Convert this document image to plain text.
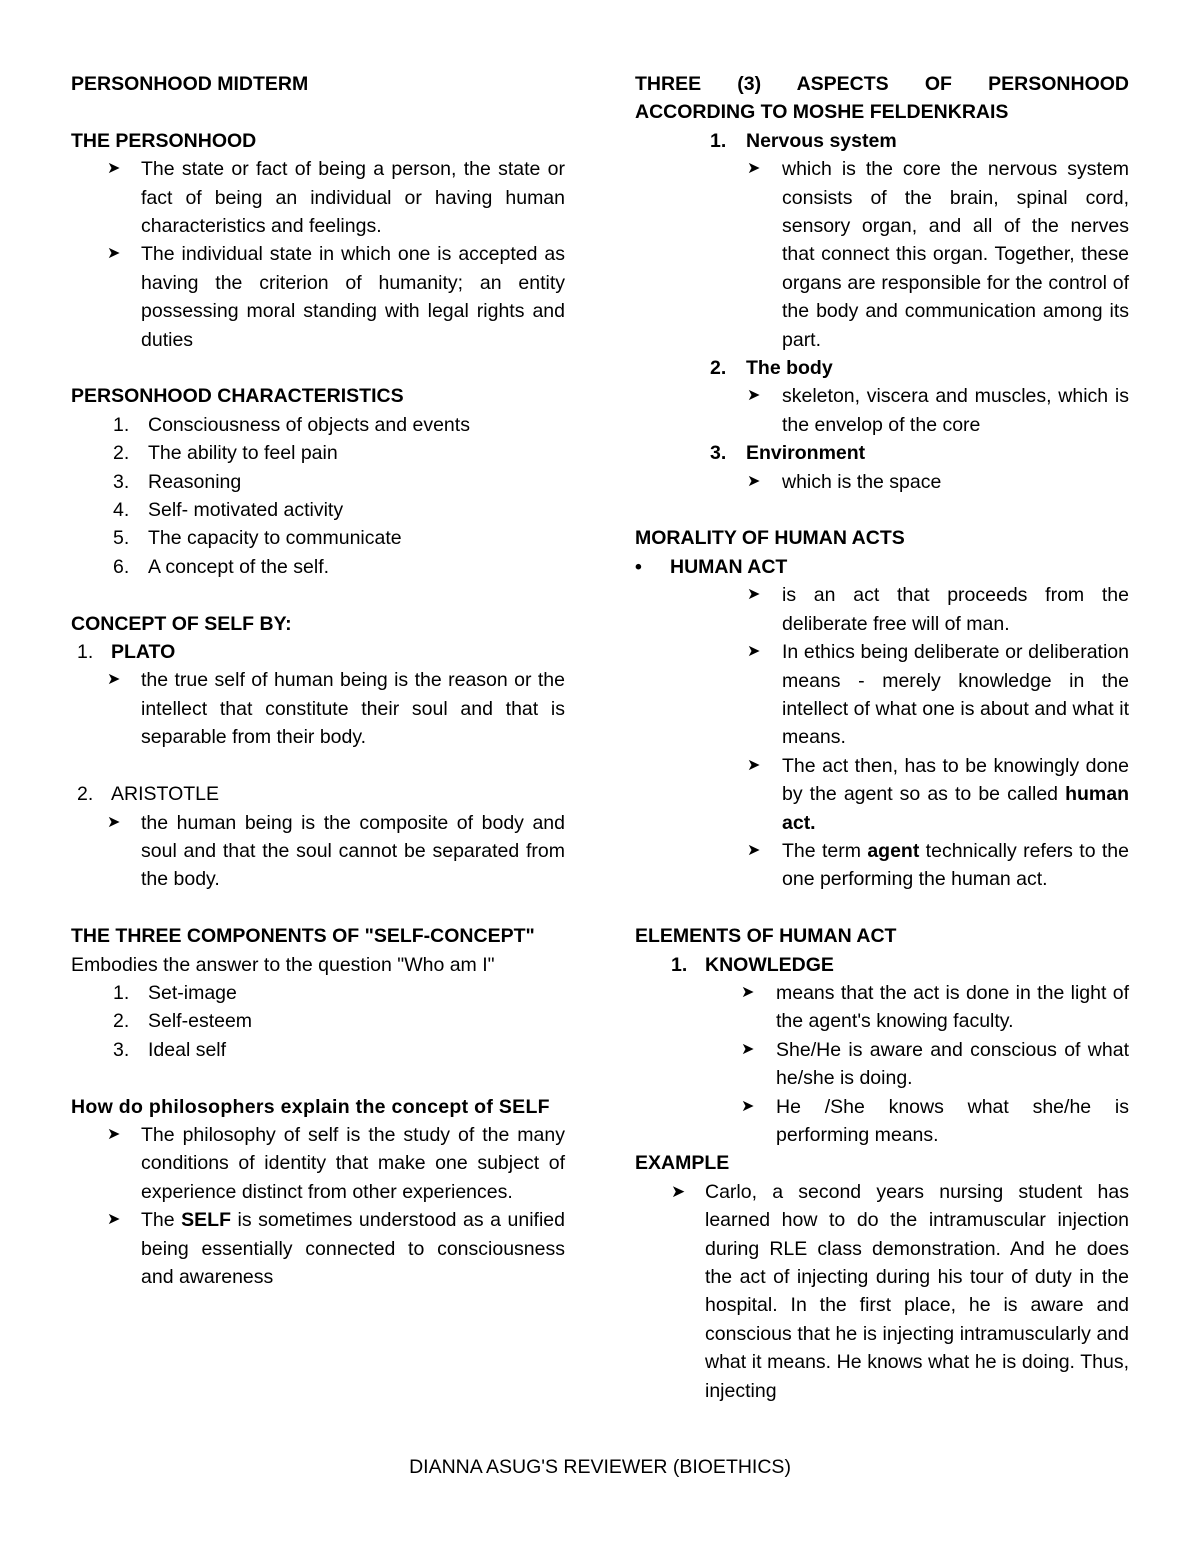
PERSONHOOD MIDTERM
THE PERSONHOOD
➤ The state or fact of being a person, the state or fact of being an individual or having human characteristics and feelings.
➤ The individual state in which one is accepted as having the criterion of humanity; an entity possessing moral standing with legal rights and duties
PERSONHOOD CHARACTERISTICS
1. Consciousness of objects and events
2. The ability to feel pain
3. Reasoning
4. Self- motivated activity
5. The capacity to communicate
6. A concept of the self.
CONCEPT OF SELF BY:
1. PLATO
➤ the true self of human being is the reason or the intellect that constitute their soul and that is separable from their body.
2. ARISTOTLE
➤ the human being is the composite of body and soul and that the soul cannot be separated from the body.
THE THREE COMPONENTS OF "SELF-CONCEPT"
Embodies the answer to the question "Who am I"
1. Set-image
2. Self-esteem
3. Ideal self
How do philosophers explain the concept of SELF
➤ The philosophy of self is the study of the many conditions of identity that make one subject of experience distinct from other experiences.
➤ The SELF is sometimes understood as a unified being essentially connected to consciousness and awareness
THREE (3) ASPECTS OF PERSONHOOD ACCORDING TO MOSHE FELDENKRAIS
1. Nervous system
➤ which is the core the nervous system consists of the brain, spinal cord, sensory organ, and all of the nerves that connect this organ. Together, these organs are responsible for the control of the body and communication among its part.
2. The body
➤ skeleton, viscera and muscles, which is the envelop of the core
3. Environment
➤ which is the space
MORALITY OF HUMAN ACTS
• HUMAN ACT
➤ is an act that proceeds from the deliberate free will of man.
➤ In ethics being deliberate or deliberation means - merely knowledge in the intellect of what one is about and what it means.
➤ The act then, has to be knowingly done by the agent so as to be called human act.
➤ The term agent technically refers to the one performing the human act.
ELEMENTS OF HUMAN ACT
1. KNOWLEDGE
➤ means that the act is done in the light of the agent's knowing faculty.
➤ She/He is aware and conscious of what he/she is doing.
➤ He /She knows what she/he is performing means.
EXAMPLE
➤ Carlo, a second years nursing student has learned how to do the intramuscular injection during RLE class demonstration. And he does the act of injecting during his tour of duty in the hospital. In the first place, he is aware and conscious that he is injecting intramuscularly and what it means. He knows what he is doing. Thus, injecting
DIANNA ASUG'S REVIEWER (BIOETHICS)
